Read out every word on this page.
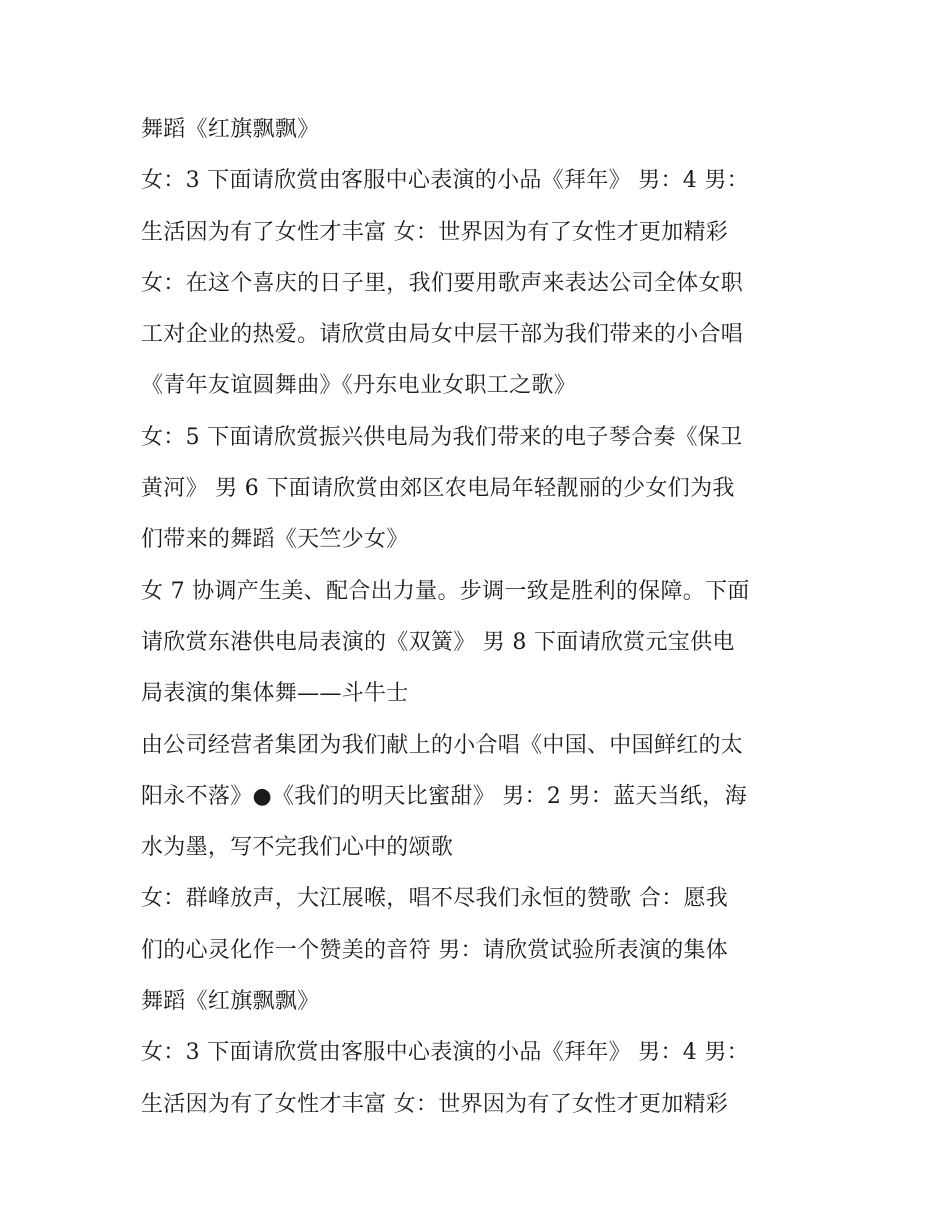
舞蹈《红旗飘飘》
女：3 下面请欣赏由客服中心表演的小品《拜年》 男：4 男：
生活因为有了女性才丰富 女：世界因为有了女性才更加精彩
女：在这个喜庆的日子里，我们要用歌声来表达公司全体女职
工对企业的热爱。请欣赏由局女中层干部为我们带来的小合唱
《青年友谊圆舞曲》《丹东电业女职工之歌》
女：5 下面请欣赏振兴供电局为我们带来的电子琴合奏《保卫
黄河》 男 6 下面请欣赏由郊区农电局年轻靓丽的少女们为我
们带来的舞蹈《天竺少女》
女 7 协调产生美、配合出力量。步调一致是胜利的保障。下面
请欣赏东港供电局表演的《双簧》 男 8 下面请欣赏元宝供电
局表演的集体舞——斗牛士
由公司经营者集团为我们献上的小合唱《中国、中国鲜红的太
阳永不落》●《我们的明天比蜜甜》 男：2 男：蓝天当纸，海
水为墨，写不完我们心中的颂歌
女：群峰放声，大江展喉，唱不尽我们永恒的赞歌 合：愿我
们的心灵化作一个赞美的音符 男：请欣赏试验所表演的集体
舞蹈《红旗飘飘》
女：3 下面请欣赏由客服中心表演的小品《拜年》 男：4 男：
生活因为有了女性才丰富 女：世界因为有了女性才更加精彩
